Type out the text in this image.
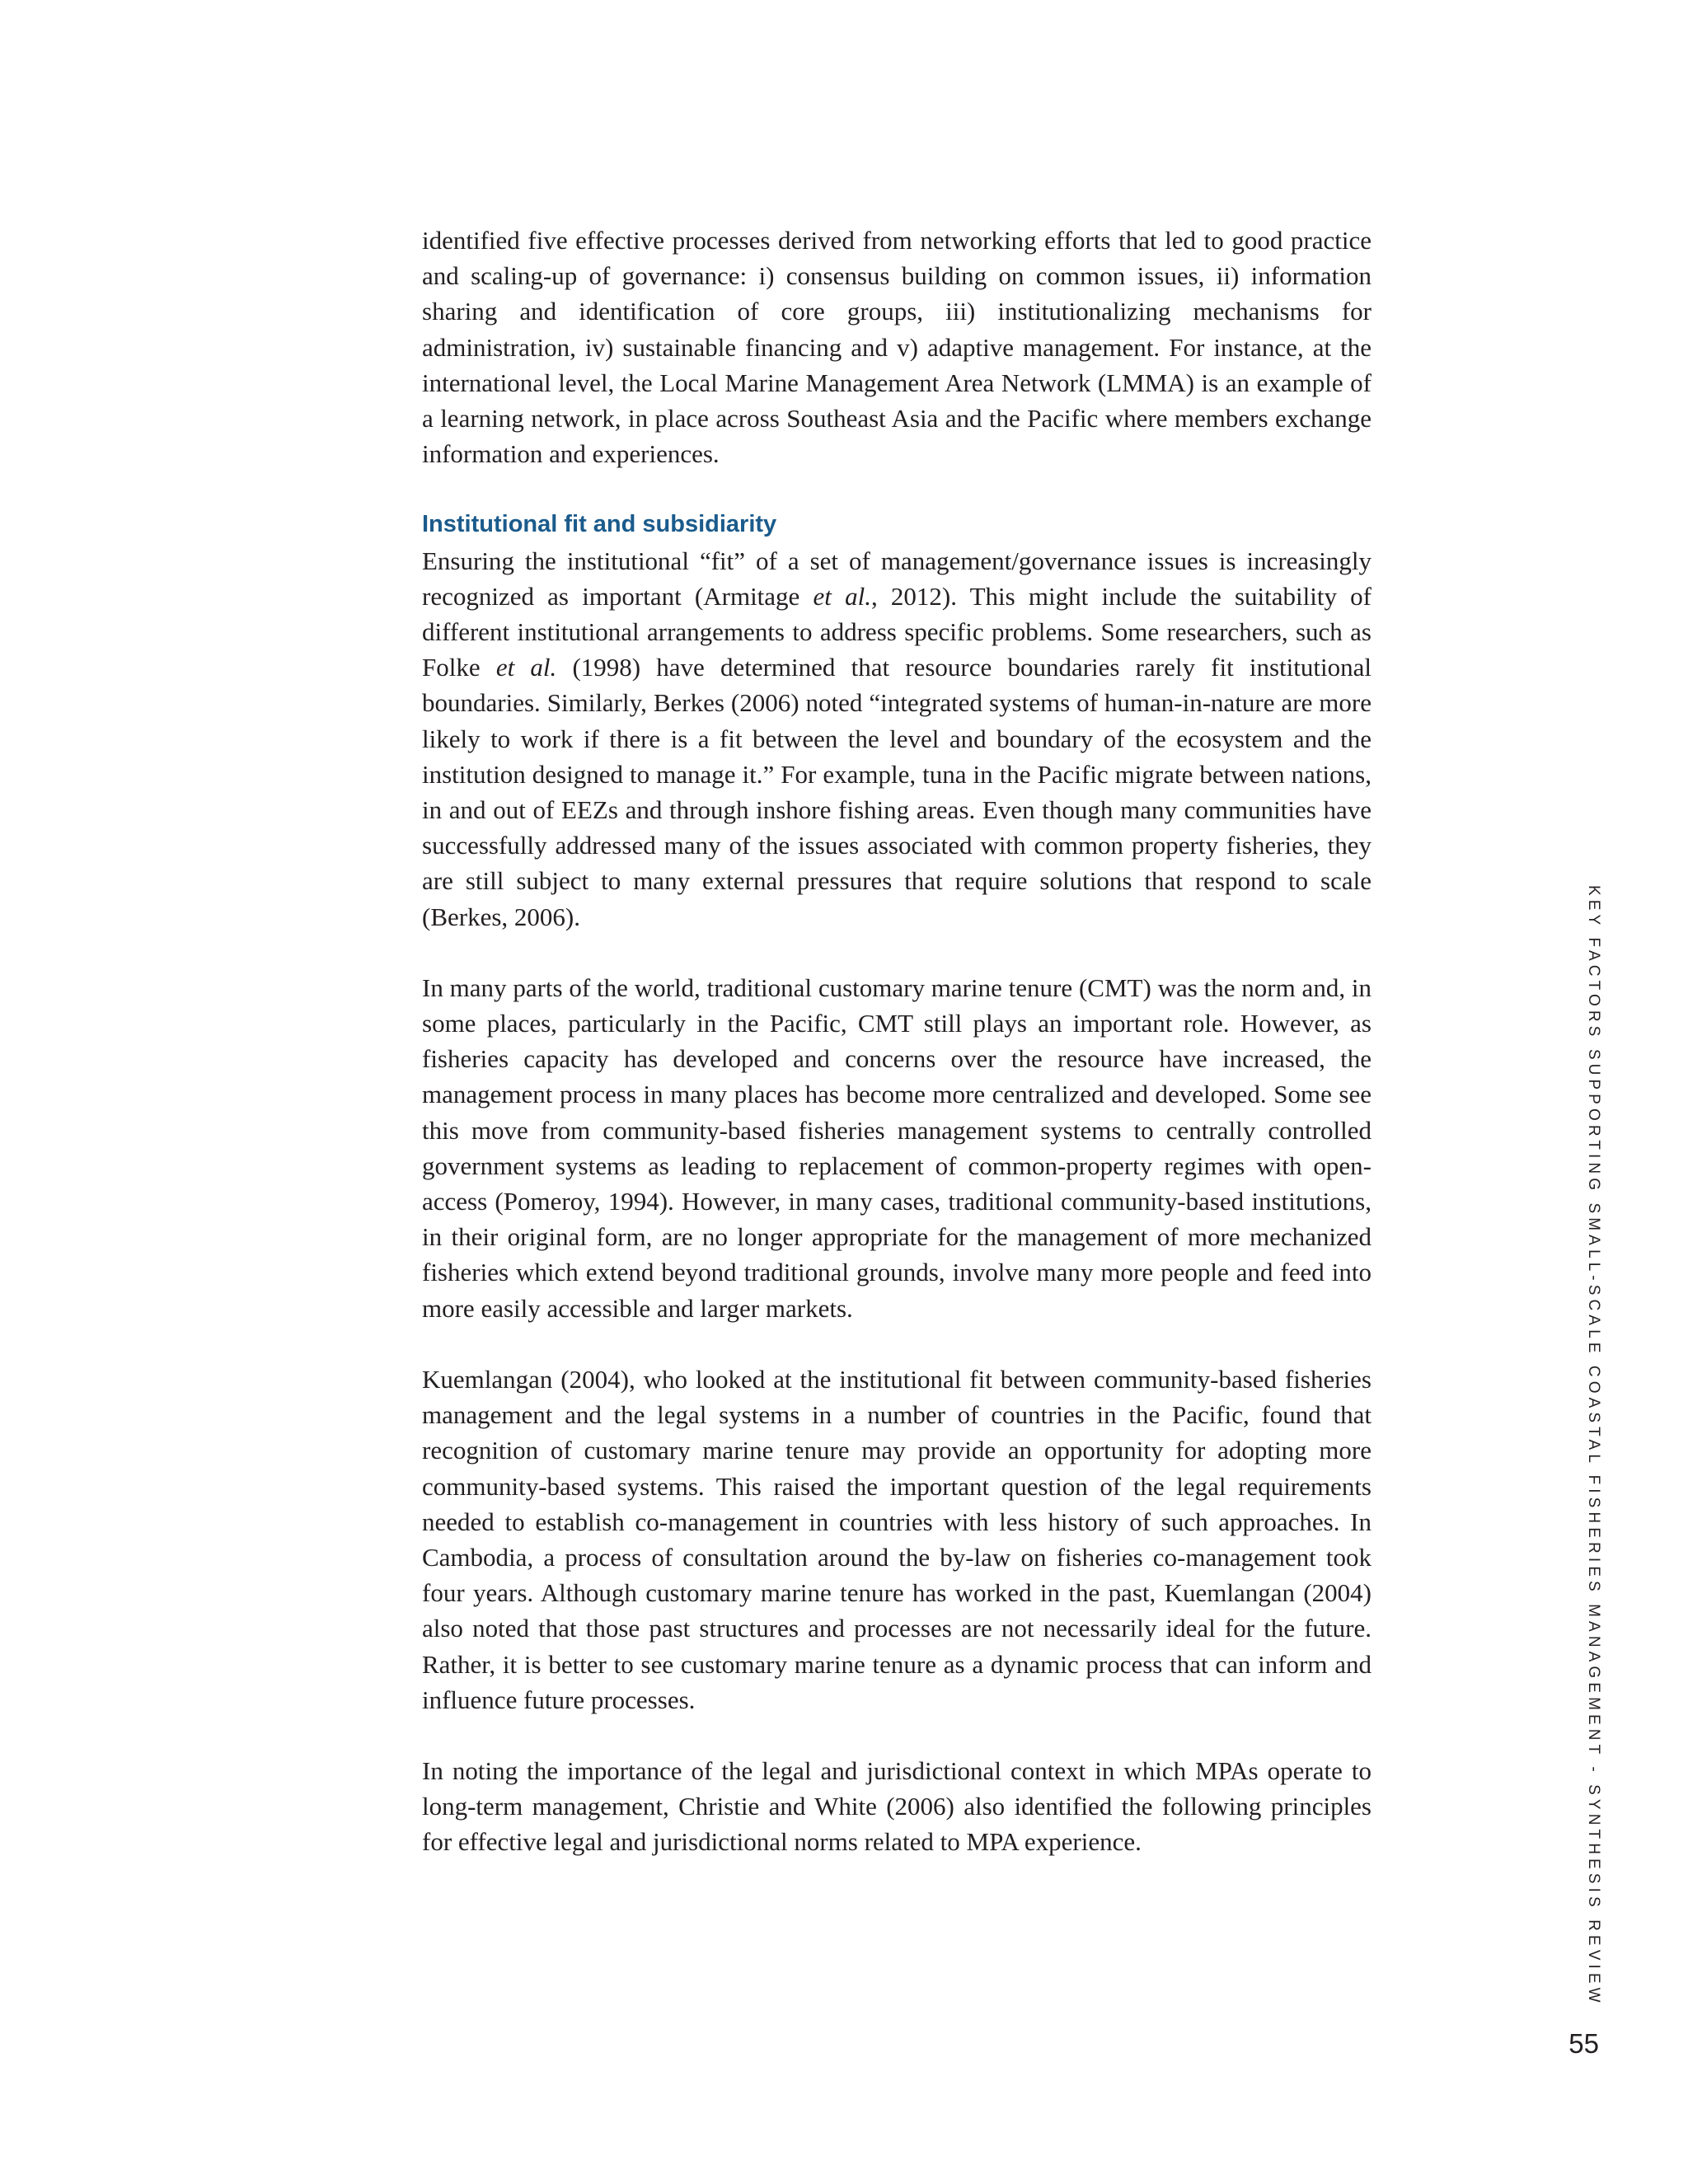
identified five effective processes derived from networking efforts that led to good practice and scaling-up of governance: i) consensus building on common issues, ii) information sharing and identification of core groups, iii) institutionalizing mechanisms for administration, iv) sustainable financing and v) adaptive management. For instance, at the international level, the Local Marine Management Area Network (LMMA) is an example of a learning network, in place across Southeast Asia and the Pacific where members exchange information and experiences.

Institutional fit and subsidiarity

Ensuring the institutional “fit” of a set of management/governance issues is increasingly recognized as important (Armitage et al., 2012). This might include the suitability of different institutional arrangements to address specific problems. Some researchers, such as Folke et al. (1998) have determined that resource boundaries rarely fit institutional boundaries. Similarly, Berkes (2006) noted “integrated systems of human-in-nature are more likely to work if there is a fit between the level and boundary of the ecosystem and the institution designed to manage it.” For example, tuna in the Pacific migrate between nations, in and out of EEZs and through inshore fishing areas. Even though many communities have successfully addressed many of the issues associated with common property fisheries, they are still subject to many external pressures that require solutions that respond to scale (Berkes, 2006).

In many parts of the world, traditional customary marine tenure (CMT) was the norm and, in some places, particularly in the Pacific, CMT still plays an important role. However, as fisheries capacity has developed and concerns over the resource have increased, the management process in many places has become more centralized and developed. Some see this move from community-based fisheries management systems to centrally controlled government systems as leading to replacement of common-property regimes with open-access (Pomeroy, 1994). However, in many cases, traditional community-based institutions, in their original form, are no longer appropriate for the management of more mechanized fisheries which extend beyond traditional grounds, involve many more people and feed into more easily accessible and larger markets.

Kuemlangan (2004), who looked at the institutional fit between community-based fisheries management and the legal systems in a number of countries in the Pacific, found that recognition of customary marine tenure may provide an opportunity for adopting more community-based systems. This raised the important question of the legal requirements needed to establish co-management in countries with less history of such approaches. In Cambodia, a process of consultation around the by-law on fisheries co-management took four years. Although customary marine tenure has worked in the past, Kuemlangan (2004) also noted that those past structures and processes are not necessarily ideal for the future. Rather, it is better to see customary marine tenure as a dynamic process that can inform and influence future processes.

In noting the importance of the legal and jurisdictional context in which MPAs operate to long-term management, Christie and White (2006) also identified the following principles for effective legal and jurisdictional norms related to MPA experience.	KEY FACTORS SUPPORTING SMALL-SCALE COASTAL FISHERIES MANAGEMENT - SYNTHESIS REVIEW
55
